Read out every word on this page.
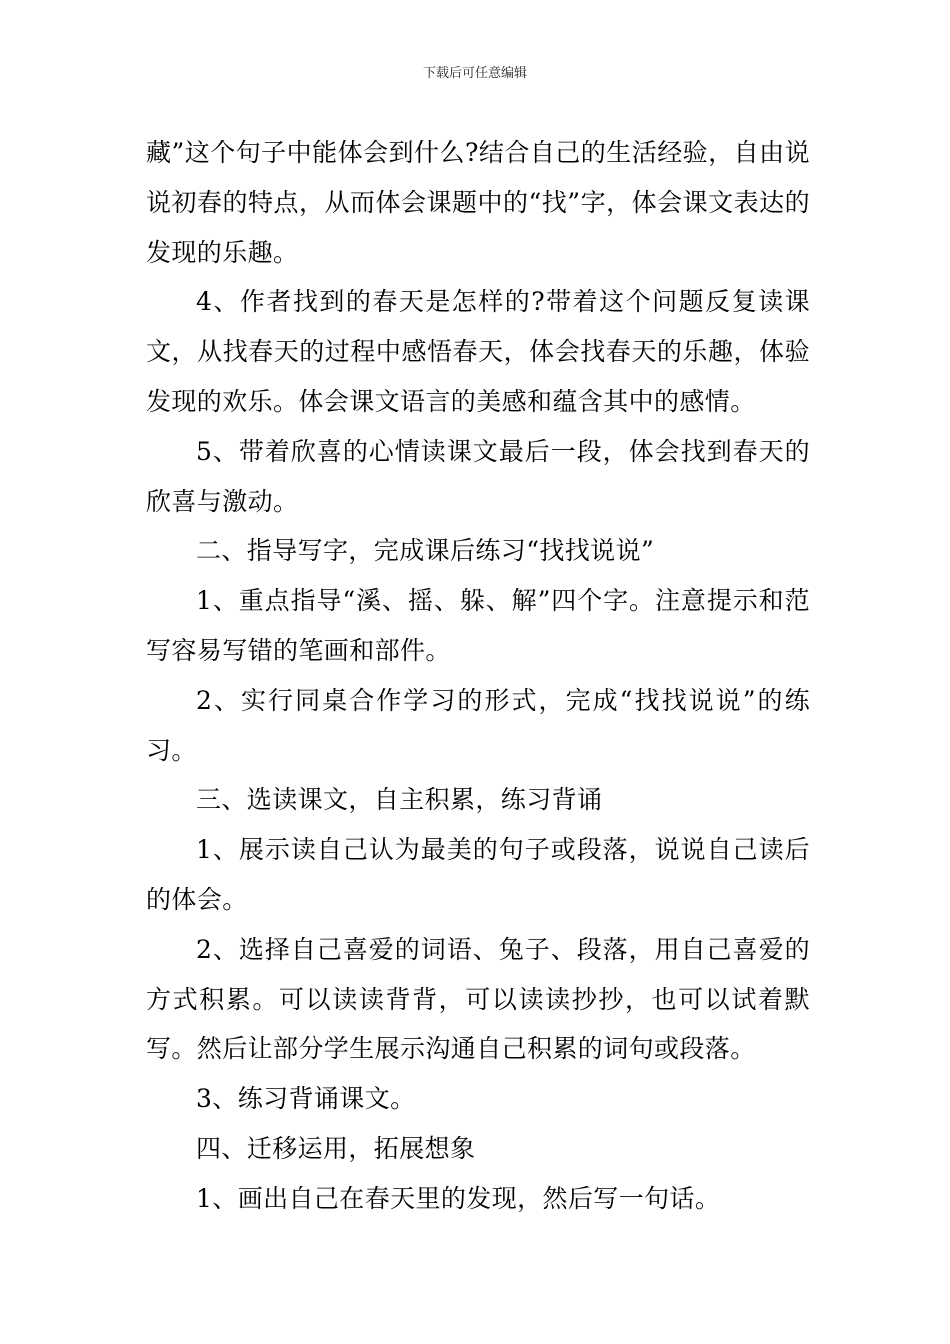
下载后可任意编辑

藏”这个句子中能体会到什么?结合自己的生活经验，自由说说初春的特点，从而体会课题中的“找”字，体会课文表达的发现的乐趣。

4、作者找到的春天是怎样的?带着这个问题反复读课文，从找春天的过程中感悟春天，体会找春天的乐趣，体验发现的欢乐。体会课文语言的美感和蕴含其中的感情。

5、带着欣喜的心情读课文最后一段，体会找到春天的欣喜与激动。

二、指导写字，完成课后练习“找找说说”

1、重点指导“溪、摇、躲、解”四个字。注意提示和范写容易写错的笔画和部件。

2、实行同桌合作学习的形式，完成“找找说说”的练习。

三、选读课文，自主积累，练习背诵

1、展示读自己认为最美的句子或段落，说说自己读后的体会。

2、选择自己喜爱的词语、兔子、段落，用自己喜爱的方式积累。可以读读背背，可以读读抄抄，也可以试着默写。然后让部分学生展示沟通自己积累的词句或段落。

3、练习背诵课文。

四、迁移运用，拓展想象

1、画出自己在春天里的发现，然后写一句话。
